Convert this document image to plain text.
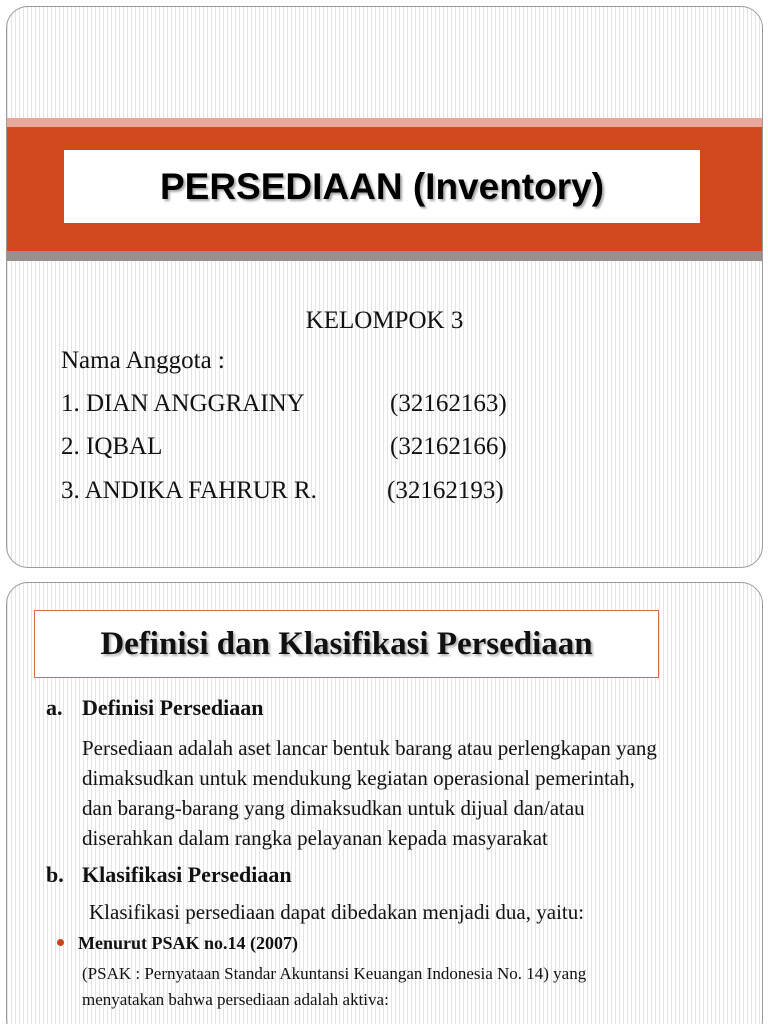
PERSEDIAAN (Inventory)
KELOMPOK 3
Nama Anggota :
1. DIAN ANGGRAINY	(32162163)
2. IQBAL	(32162166)
3. ANDIKA FAHRUR R.	(32162193)
Definisi dan Klasifikasi Persediaan
a. Definisi Persediaan
Persediaan adalah aset lancar bentuk barang atau perlengkapan yang
dimaksudkan untuk mendukung kegiatan operasional pemerintah,
dan barang-barang yang dimaksudkan untuk dijual dan/atau
diserahkan dalam rangka pelayanan kepada masyarakat
b. Klasifikasi Persediaan
Klasifikasi persediaan dapat dibedakan menjadi dua, yaitu:
Menurut PSAK no.14 (2007)
(PSAK : Pernyataan Standar Akuntansi Keuangan Indonesia No. 14) yang
menyatakan bahwa persediaan adalah aktiva:
